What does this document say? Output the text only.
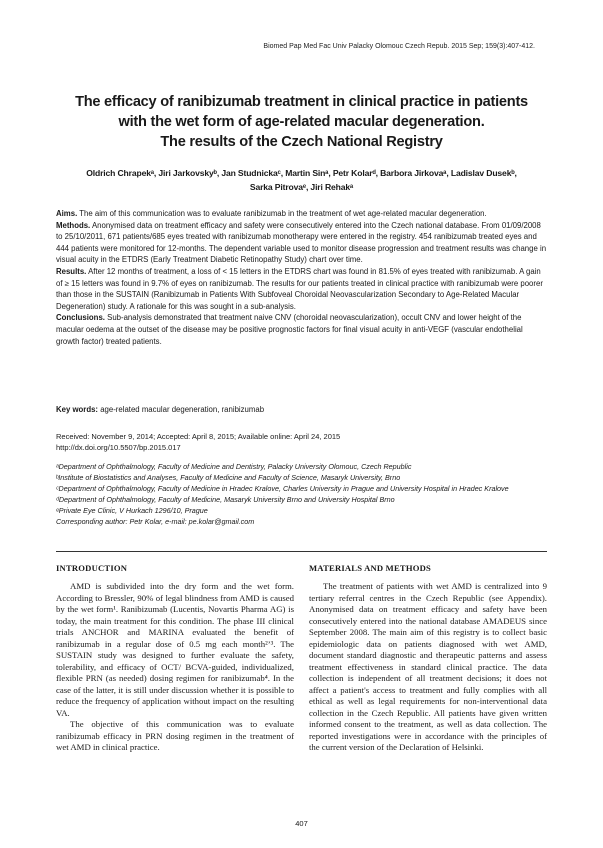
Biomed Pap Med Fac Univ Palacky Olomouc Czech Repub. 2015 Sep; 159(3):407-412.
The efficacy of ranibizumab treatment in clinical practice in patients
with the wet form of age-related macular degeneration.
The results of the Czech National Registry
Oldrich Chrapekᵃ, Jiri Jarkovskyᵇ, Jan Studnickaᶜ, Martin Sinᵃ, Petr Kolarᵈ, Barbora Jirkovaᵃ, Ladislav Dusekᵇ,
Sarka Pitrovaᵉ, Jiri Rehakᵃ

Aims. The aim of this communication was to evaluate ranibizumab in the treatment of wet age-related macular degeneration.

Methods. Anonymised data on treatment efficacy and safety were consecutively entered into the Czech national database. From 01/09/2008 to 25/10/2011, 671 patients/685 eyes treated with ranibizumab monotherapy were entered in the registry. 454 ranibizumab treated eyes and 444 patients were monitored for 12-months. The dependent variable used to monitor disease progression and treatment results was change in visual acuity in the ETDRS (Early Treatment Diabetic Retinopathy Study) chart over time.

Results. After 12 months of treatment, a loss of < 15 letters in the ETDRS chart was found in 81.5% of eyes treated with ranibizumab. A gain of ≥ 15 letters was found in 9.7% of eyes on ranibizumab. The results for our patients treated in clinical practice with ranibizumab were poorer than those in the SUSTAIN (Ranibizumab in Patients With Subfoveal Choroidal Neovascularization Secondary to Age-Related Macular Degeneration) study. A rationale for this was sought in a sub-analysis.

Conclusions. Sub-analysis demonstrated that treatment naive CNV (choroidal neovascularization), occult CNV and lower height of the macular oedema at the outset of the disease may be positive prognostic factors for final visual acuity in anti-VEGF (vascular endothelial growth factor) treated patients.

Key words: age-related macular degeneration, ranibizumab
Received: November 9, 2014; Accepted: April 8, 2015; Available online: April 24, 2015
http://dx.doi.org/10.5507/bp.2015.017
ᵃDepartment of Ophthalmology, Faculty of Medicine and Dentistry, Palacky University Olomouc, Czech Republic
ᵇInstitute of Biostatistics and Analyses, Faculty of Medicine and Faculty of Science, Masaryk University, Brno
ᶜDepartment of Ophthalmology, Faculty of Medicine in Hradec Kralove, Charles University in Prague and University Hospital in Hradec Kralove
ᵈDepartment of Ophthalmology, Faculty of Medicine, Masaryk University Brno and University Hospital Brno
ᵉPrivate Eye Clinic, V Hurkach 1296/10, Prague
Corresponding author: Petr Kolar, e-mail: pe.kolar@gmail.com
INTRODUCTION	MATERIALS AND METHODS

AMD is subdivided into the dry form and the wet form. According to Bressler, 90% of legal blindness from AMD is caused by the wet form¹. Ranibizumab (Lucentis, Novartis Pharma AG) is today, the main treatment for this condition. The phase III clinical trials ANCHOR and MARINA evaluated the benefit of ranibizumab in a regular dose of 0.5 mg each month²ʼ³. The SUSTAIN study was designed to further evaluate the safety, tolerability, and efficacy of OCT/ BCVA-guided, individualized, flexible PRN (as needed) dosing regimen for ranibizumab⁴. In the case of the latter, it is still under discussion whether it is possible to reduce the frequency of application without impact on the resulting VA.

The objective of this communication was to evaluate ranibizumab efficacy in PRN dosing regimen in the treatment of wet AMD in clinical practice.

The treatment of patients with wet AMD is centralized into 9 tertiary referral centres in the Czech Republic (see Appendix). Anonymised data on treatment efficacy and safety have been consecutively entered into the national database AMADEUS since September 2008. The main aim of this registry is to collect basic epidemiologic data on patients diagnosed with wet AMD, document standard diagnostic and therapeutic patterns and assess treatment effectiveness in standard clinical practice. The data collection is independent of all treatment decisions; it does not affect a patient's access to treatment and fully complies with all ethical as well as legal requirements for non-interventional data collection in the Czech Republic. All patients have given written informed consent to the treatment, as well as data collection. The reported investigations were in accordance with the principles of the current version of the Declaration of Helsinki.

407
